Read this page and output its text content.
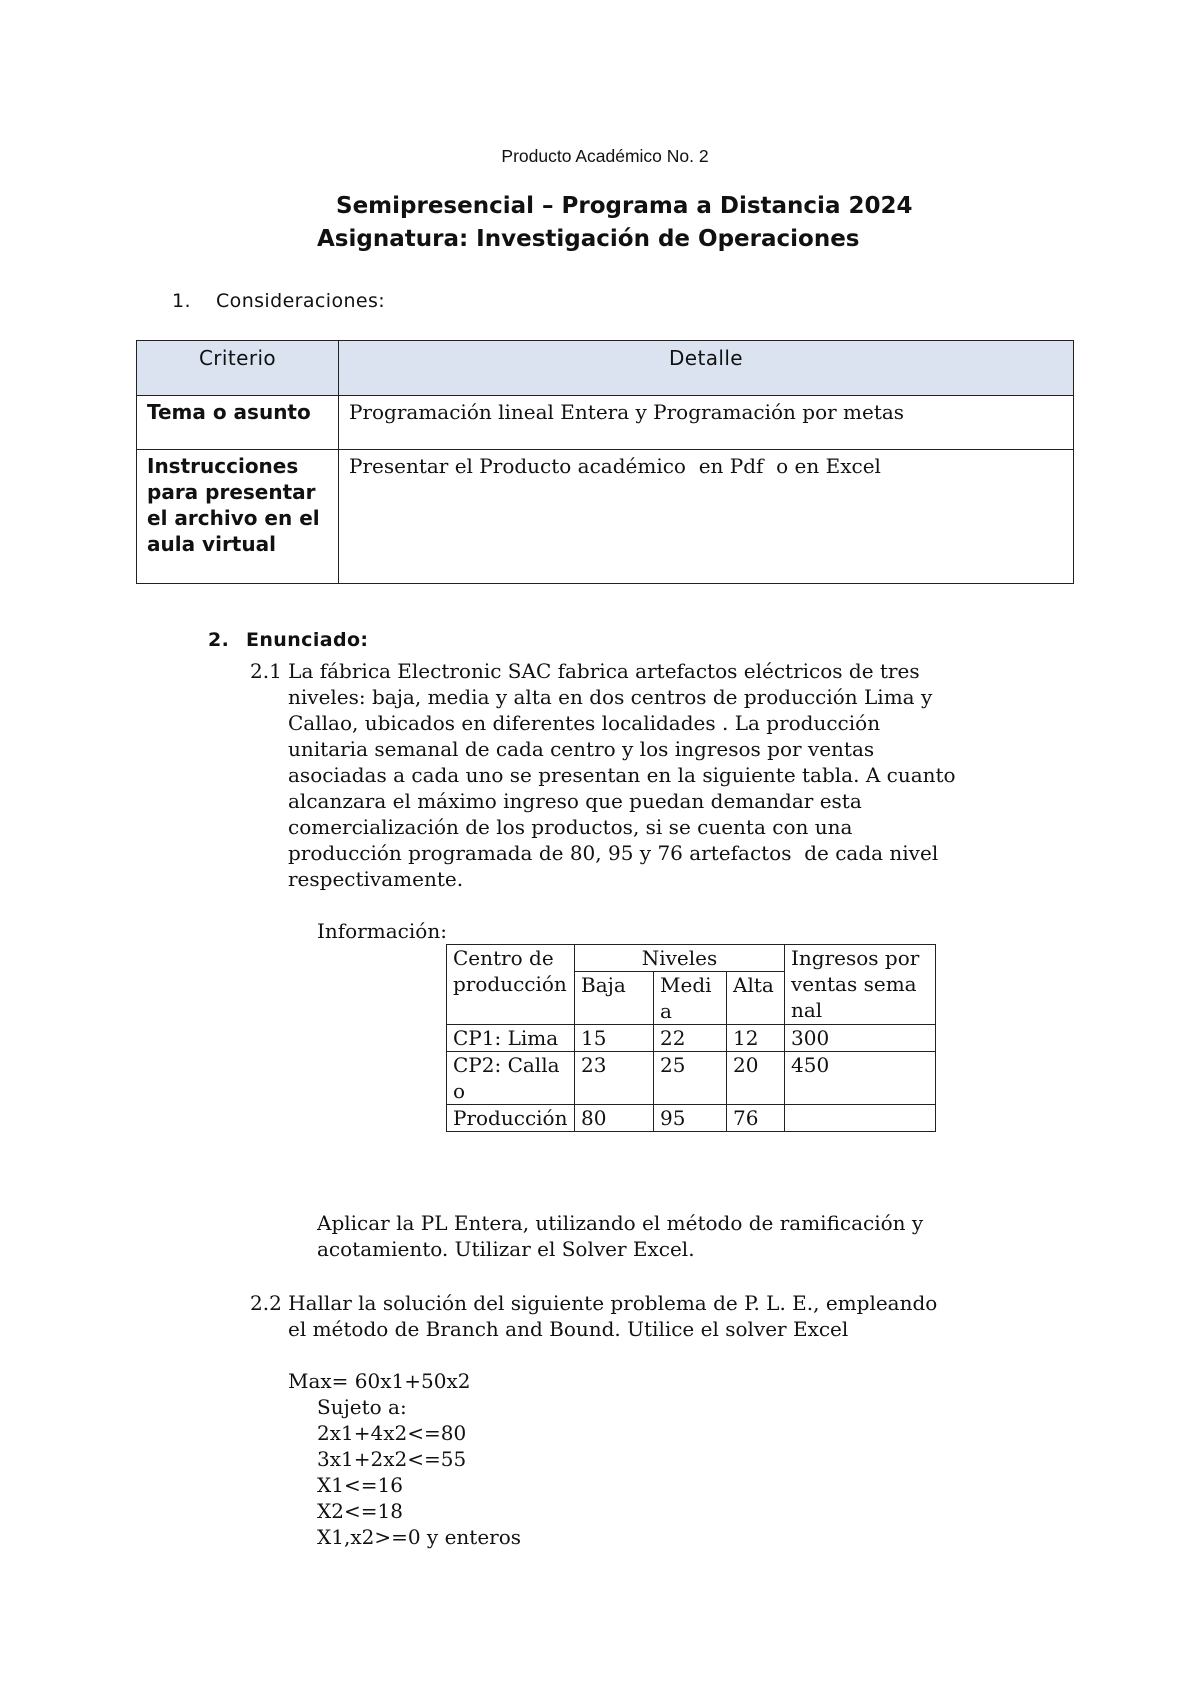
Producto Académico No. 2
Semipresencial – Programa a Distancia 2024
Asignatura: Investigación de Operaciones
1. Consideraciones:
Criterio	Detalle
Tema o asunto	Programación lineal Entera y Programación por metas
Instrucciones para presentar el archivo en el aula virtual	Presentar el Producto académico  en Pdf  o en Excel
2. Enunciado:
2.1 La fábrica Electronic SAC fabrica artefactos eléctricos de tres
niveles: baja, media y alta en dos centros de producción Lima y
Callao, ubicados en diferentes localidades . La producción
unitaria semanal de cada centro y los ingresos por ventas
asociadas a cada uno se presentan en la siguiente tabla. A cuanto
alcanzara el máximo ingreso que puedan demandar esta
comercialización de los productos, si se cuenta con una
producción programada de 80, 95 y 76 artefactos  de cada nivel
respectivamente.
Información:
Centro de producción	Niveles			Ingresos por ventas semanal
	Baja	Media	Alta	
CP1: Lima	15	22	12	300
CP2: Callao	23	25	20	450
Producción	80	95	76	
Aplicar la PL Entera, utilizando el método de ramificación y
acotamiento. Utilizar el Solver Excel.
2.2 Hallar la solución del siguiente problema de P. L. E., empleando
el método de Branch and Bound. Utilice el solver Excel
Max= 60x1+50x2
Sujeto a:
2x1+4x2<=80
3x1+2x2<=55
X1<=16
X2<=18
X1,x2>=0 y enteros
